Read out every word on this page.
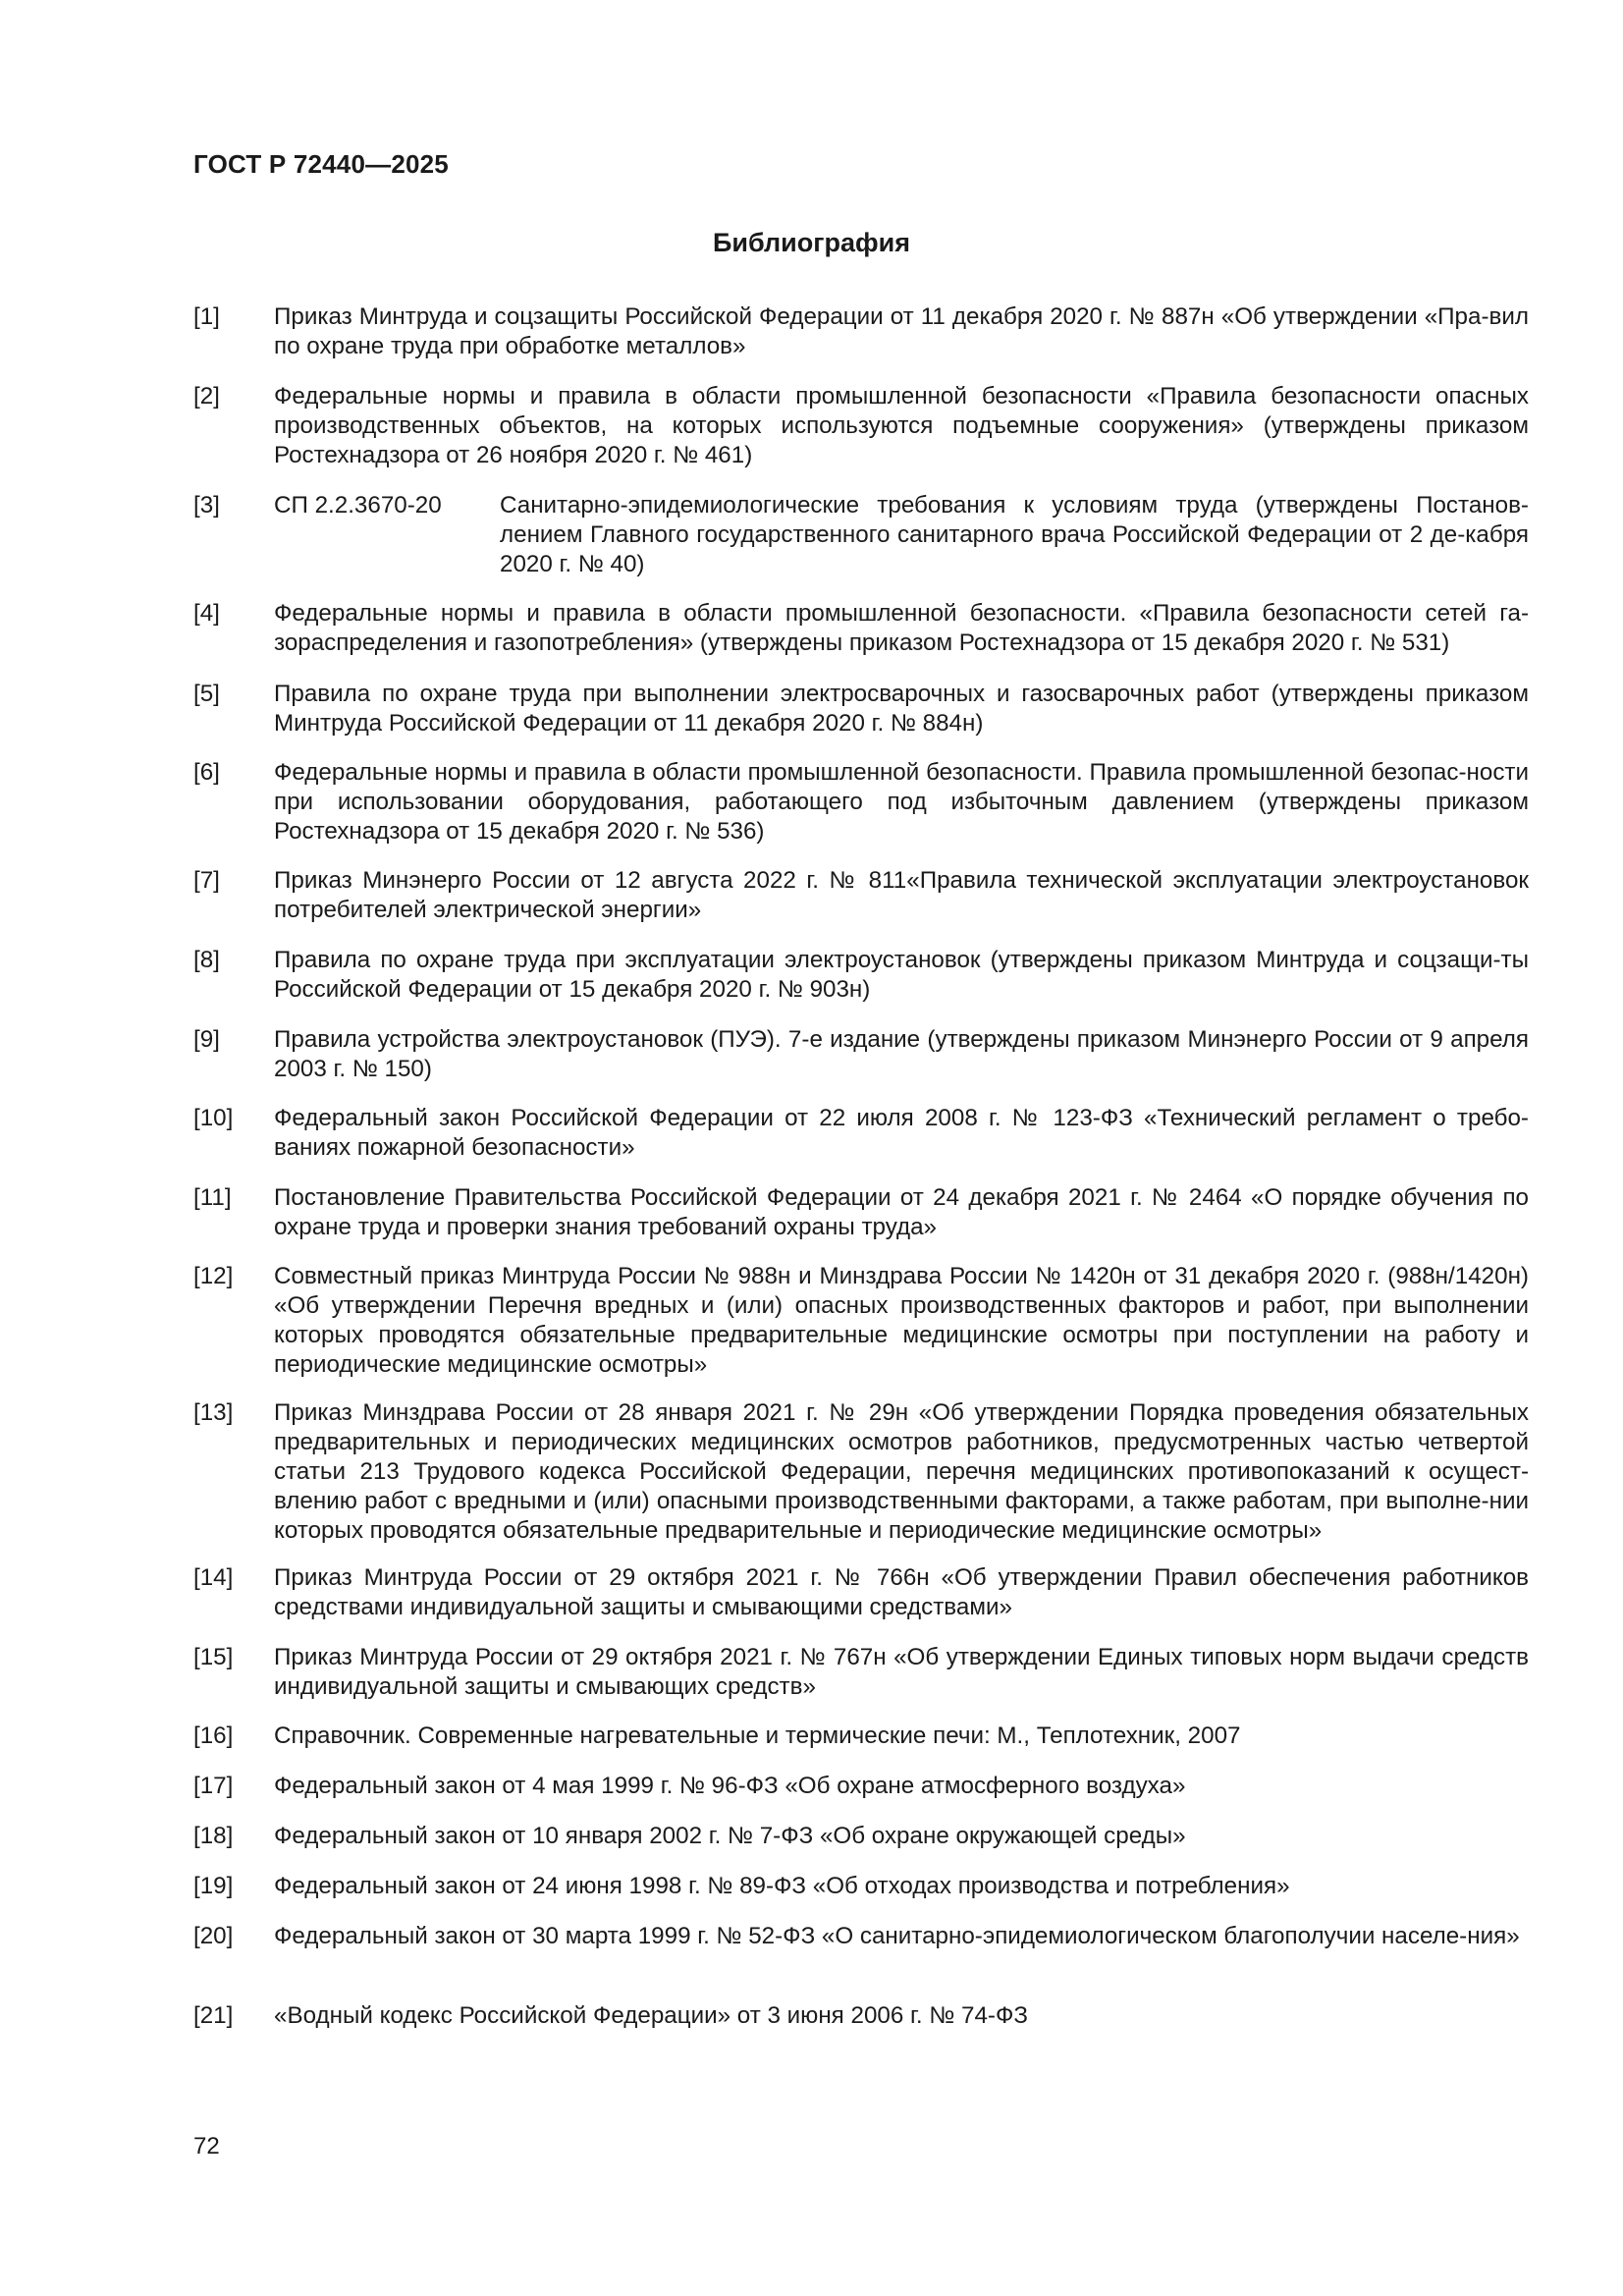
ГОСТ Р 72440—2025
Библиография
[1] Приказ Минтруда и соцзащиты Российской Федерации от 11 декабря 2020 г. № 887н «Об утверждении «Пра-вил по охране труда при обработке металлов»
[2] Федеральные нормы и правила в области промышленной безопасности «Правила безопасности опасных производственных объектов, на которых используются подъемные сооружения» (утверждены приказом Ростехнадзора от 26 ноября 2020 г. № 461)
[3] СП 2.2.3670-20 Санитарно-эпидемиологические требования к условиям труда (утверждены Постанов-лением Главного государственного санитарного врача Российской Федерации от 2 де-кабря 2020 г. № 40)
[4] Федеральные нормы и правила в области промышленной безопасности. «Правила безопасности сетей га-зораспределения и газопотребления» (утверждены приказом Ростехнадзора от 15 декабря 2020 г. № 531)
[5] Правила по охране труда при выполнении электросварочных и газосварочных работ (утверждены приказом Минтруда Российской Федерации от 11 декабря 2020 г. № 884н)
[6] Федеральные нормы и правила в области промышленной безопасности. Правила промышленной безопас-ности при использовании оборудования, работающего под избыточным давлением (утверждены приказом Ростехнадзора от 15 декабря 2020 г. № 536)
[7] Приказ Минэнерго России от 12 августа 2022 г. № 811«Правила технической эксплуатации электроустановок потребителей электрической энергии»
[8] Правила по охране труда при эксплуатации электроустановок (утверждены приказом Минтруда и соцзащи-ты Российской Федерации от 15 декабря 2020 г. № 903н)
[9] Правила устройства электроустановок (ПУЭ). 7-е издание (утверждены приказом Минэнерго России от 9 апреля 2003 г. № 150)
[10] Федеральный закон Российской Федерации от 22 июля 2008 г. № 123-ФЗ «Технический регламент о требо-ваниях пожарной безопасности»
[11] Постановление Правительства Российской Федерации от 24 декабря 2021 г. № 2464 «О порядке обучения по охране труда и проверки знания требований охраны труда»
[12] Совместный приказ Минтруда России № 988н и Минздрава России № 1420н от 31 декабря 2020 г. (988н/1420н) «Об утверждении Перечня вредных и (или) опасных производственных факторов и работ, при выполнении которых проводятся обязательные предварительные медицинские осмотры при поступлении на работу и периодические медицинские осмотры»
[13] Приказ Минздрава России от 28 января 2021 г. № 29н «Об утверждении Порядка проведения обязательных предварительных и периодических медицинских осмотров работников, предусмотренных частью четвертой статьи 213 Трудового кодекса Российской Федерации, перечня медицинских противопоказаний к осущест-влению работ с вредными и (или) опасными производственными факторами, а также работам, при выполне-нии которых проводятся обязательные предварительные и периодические медицинские осмотры»
[14] Приказ Минтруда России от 29 октября 2021 г. № 766н «Об утверждении Правил обеспечения работников средствами индивидуальной защиты и смывающими средствами»
[15] Приказ Минтруда России от 29 октября 2021 г. № 767н «Об утверждении Единых типовых норм выдачи средств индивидуальной защиты и смывающих средств»
[16] Справочник. Современные нагревательные и термические печи: М., Теплотехник, 2007
[17] Федеральный закон от 4 мая 1999 г. № 96-ФЗ «Об охране атмосферного воздуха»
[18] Федеральный закон от 10 января 2002 г. № 7-ФЗ «Об охране окружающей среды»
[19] Федеральный закон от 24 июня 1998 г. № 89-ФЗ «Об отходах производства и потребления»
[20] Федеральный закон от 30 марта 1999 г. № 52-ФЗ «О санитарно-эпидемиологическом благополучии населе-ния»
[21] «Водный кодекс Российской Федерации» от 3 июня 2006 г. № 74-ФЗ
72
